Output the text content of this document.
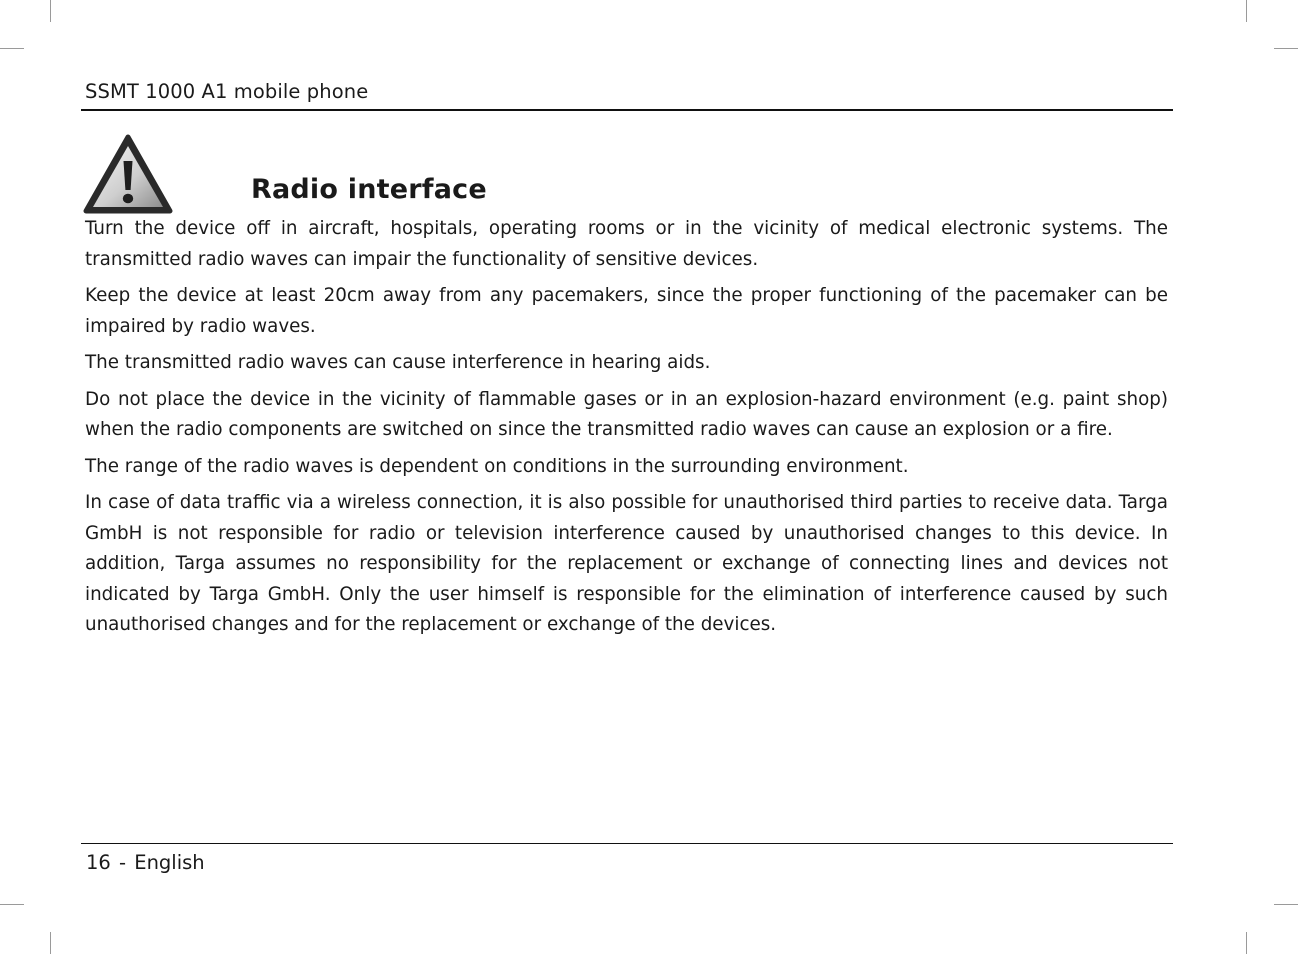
SSMT 1000 A1 mobile phone
Radio interface

Turn the device off in aircraft, hospitals, operating rooms or in the vicinity of medical electronic systems. The transmitted radio waves can impair the functionality of sensitive devices.

Keep the device at least 20cm away from any pacemakers, since the proper functioning of the pacemaker can be impaired by radio waves.

The transmitted radio waves can cause interference in hearing aids.

Do not place the device in the vicinity of flammable gases or in an explosion-hazard environment (e.g. paint shop) when the radio components are switched on since the transmitted radio waves can cause an explosion or a fire.

The range of the radio waves is dependent on conditions in the surrounding environment.

In case of data traffic via a wireless connection, it is also possible for unauthorised third parties to receive data. Targa GmbH is not responsible for radio or television interference caused by unauthorised changes to this device. In addition, Targa assumes no responsibility for the replacement or exchange of connecting lines and devices not indicated by Targa GmbH. Only the user himself is responsible for the elimination of interference caused by such unauthorised changes and for the replacement or exchange of the devices.

16 - English
